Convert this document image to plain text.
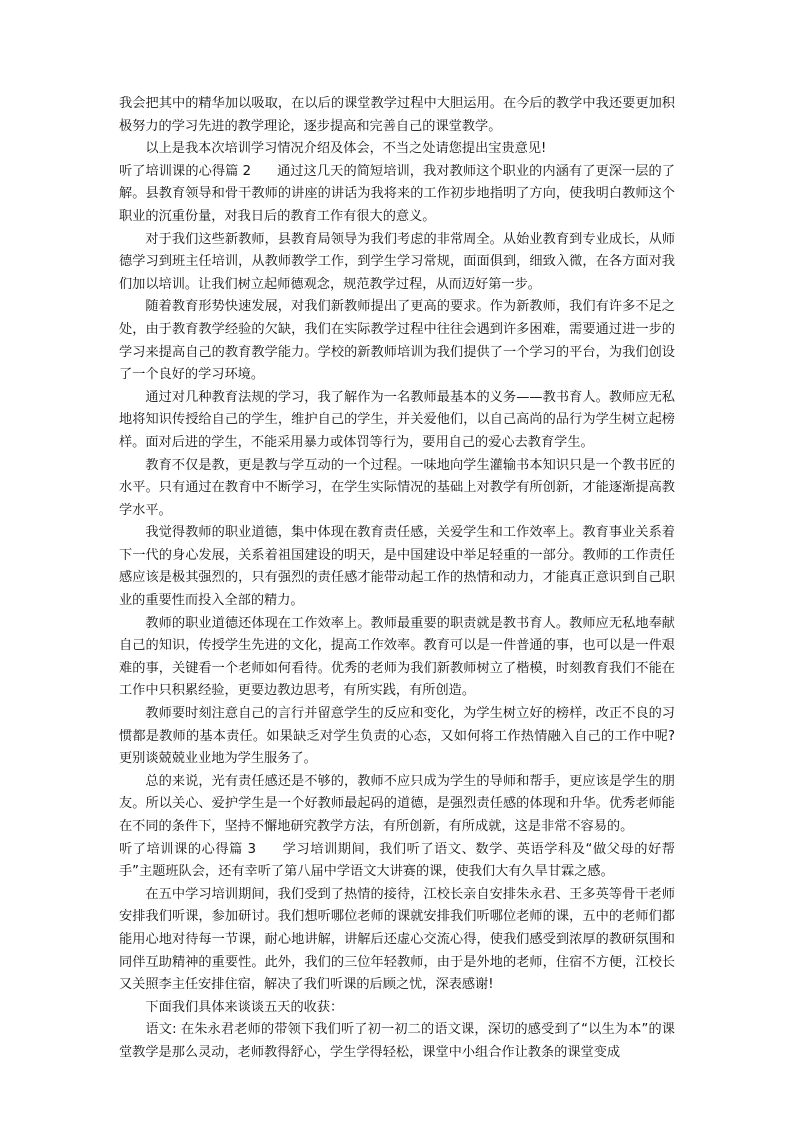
我会把其中的精华加以吸取，在以后的课堂教学过程中大胆运用。在今后的教学中我还要更加积极努力的学习先进的教学理论，逐步提高和完善自己的课堂教学。

以上是我本次培训学习情况介绍及体会，不当之处请您提出宝贵意见!

听了培训课的心得篇 2 通过这几天的简短培训，我对教师这个职业的内涵有了更深一层的了解。县教育领导和骨干教师的讲座的讲话为我将来的工作初步地指明了方向，使我明白教师这个职业的沉重份量，对我日后的教育工作有很大的意义。

对于我们这些新教师，县教育局领导为我们考虑的非常周全。从始业教育到专业成长，从师德学习到班主任培训，从教师教学工作，到学生学习常规，面面俱到，细致入微，在各方面对我们加以培训。让我们树立起师德观念，规范教学过程，从而迈好第一步。

随着教育形势快速发展，对我们新教师提出了更高的要求。作为新教师，我们有许多不足之处，由于教育教学经验的欠缺，我们在实际教学过程中往往会遇到许多困难，需要通过进一步的学习来提高自己的教育教学能力。学校的新教师培训为我们提供了一个学习的平台，为我们创设了一个良好的学习环境。

通过对几种教育法规的学习，我了解作为一名教师最基本的义务——教书育人。教师应无私地将知识传授给自己的学生，维护自己的学生，并关爱他们，以自己高尚的品行为学生树立起榜样。面对后进的学生，不能采用暴力或体罚等行为，要用自己的爱心去教育学生。

教育不仅是教，更是教与学互动的一个过程。一味地向学生灌输书本知识只是一个教书匠的水平。只有通过在教育中不断学习，在学生实际情况的基础上对教学有所创新，才能逐渐提高教学水平。

我觉得教师的职业道德，集中体现在教育责任感，关爱学生和工作效率上。教育事业关系着下一代的身心发展，关系着祖国建设的明天，是中国建设中举足轻重的一部分。教师的工作责任感应该是极其强烈的，只有强烈的责任感才能带动起工作的热情和动力，才能真正意识到自己职业的重要性而投入全部的精力。

教师的职业道德还体现在工作效率上。教师最重要的职责就是教书育人。教师应无私地奉献自己的知识，传授学生先进的文化，提高工作效率。教育可以是一件普通的事，也可以是一件艰难的事，关键看一个老师如何看待。优秀的老师为我们新教师树立了楷模，时刻教育我们不能在工作中只积累经验，更要边教边思考，有所实践，有所创造。

教师要时刻注意自己的言行并留意学生的反应和变化，为学生树立好的榜样，改正不良的习惯都是教师的基本责任。如果缺乏对学生负责的心态，又如何将工作热情融入自己的工作中呢?更别谈兢兢业业地为学生服务了。

总的来说，光有责任感还是不够的，教师不应只成为学生的导师和帮手，更应该是学生的朋友。所以关心、爱护学生是一个好教师最起码的道德，是强烈责任感的体现和升华。优秀老师能在不同的条件下，坚持不懈地研究教学方法，有所创新，有所成就，这是非常不容易的。

听了培训课的心得篇 3 学习培训期间，我们听了语文、数学、英语学科及“做父母的好帮手”主题班队会，还有幸听了第八届中学语文大讲赛的课，使我们大有久旱甘霖之感。

在五中学习培训期间，我们受到了热情的接待，江校长亲自安排朱永君、王多英等骨干老师安排我们听课，参加研讨。我们想听哪位老师的课就安排我们听哪位老师的课，五中的老师们都能用心地对待每一节课，耐心地讲解，讲解后还虚心交流心得，使我们感受到浓厚的教研氛围和同伴互助精神的重要性。此外，我们的三位年轻教师，由于是外地的老师，住宿不方便，江校长又关照李主任安排住宿，解决了我们听课的后顾之忧，深表感谢!

下面我们具体来谈谈五天的收获：

语文: 在朱永君老师的带领下我们听了初一初二的语文课，深切的感受到了“以生为本”的课堂教学是那么灵动，老师教得舒心，学生学得轻松，课堂中小组合作让教条的课堂变成
